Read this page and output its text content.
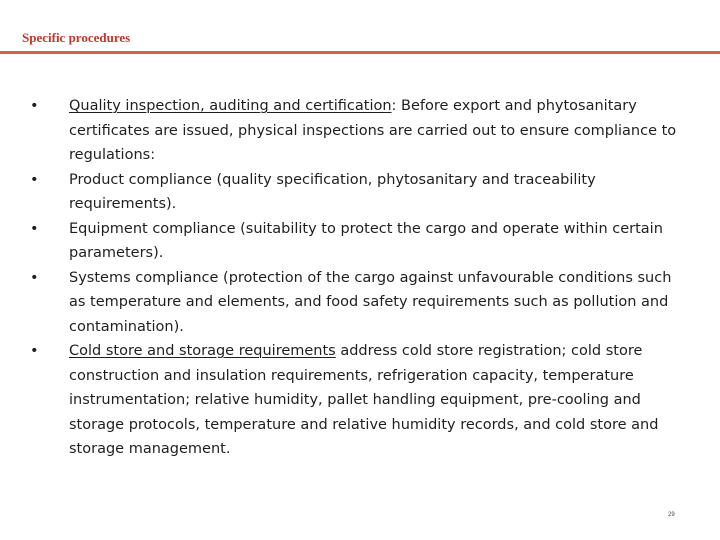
Specific procedures
• Quality inspection, auditing and certification: Before export and phytosanitary certificates are issued, physical inspections are carried out to ensure compliance to regulations:
• Product compliance (quality specification, phytosanitary and traceability requirements).
• Equipment compliance (suitability to protect the cargo and operate within certain parameters).
• Systems compliance (protection of the cargo against unfavourable conditions such as temperature and elements, and food safety requirements such as pollution and contamination).
• Cold store and storage requirements address cold store registration; cold store construction and insulation requirements, refrigeration capacity, temperature instrumentation; relative humidity, pallet handling equipment, pre-cooling and storage protocols, temperature and relative humidity records, and cold store and storage management.
29
